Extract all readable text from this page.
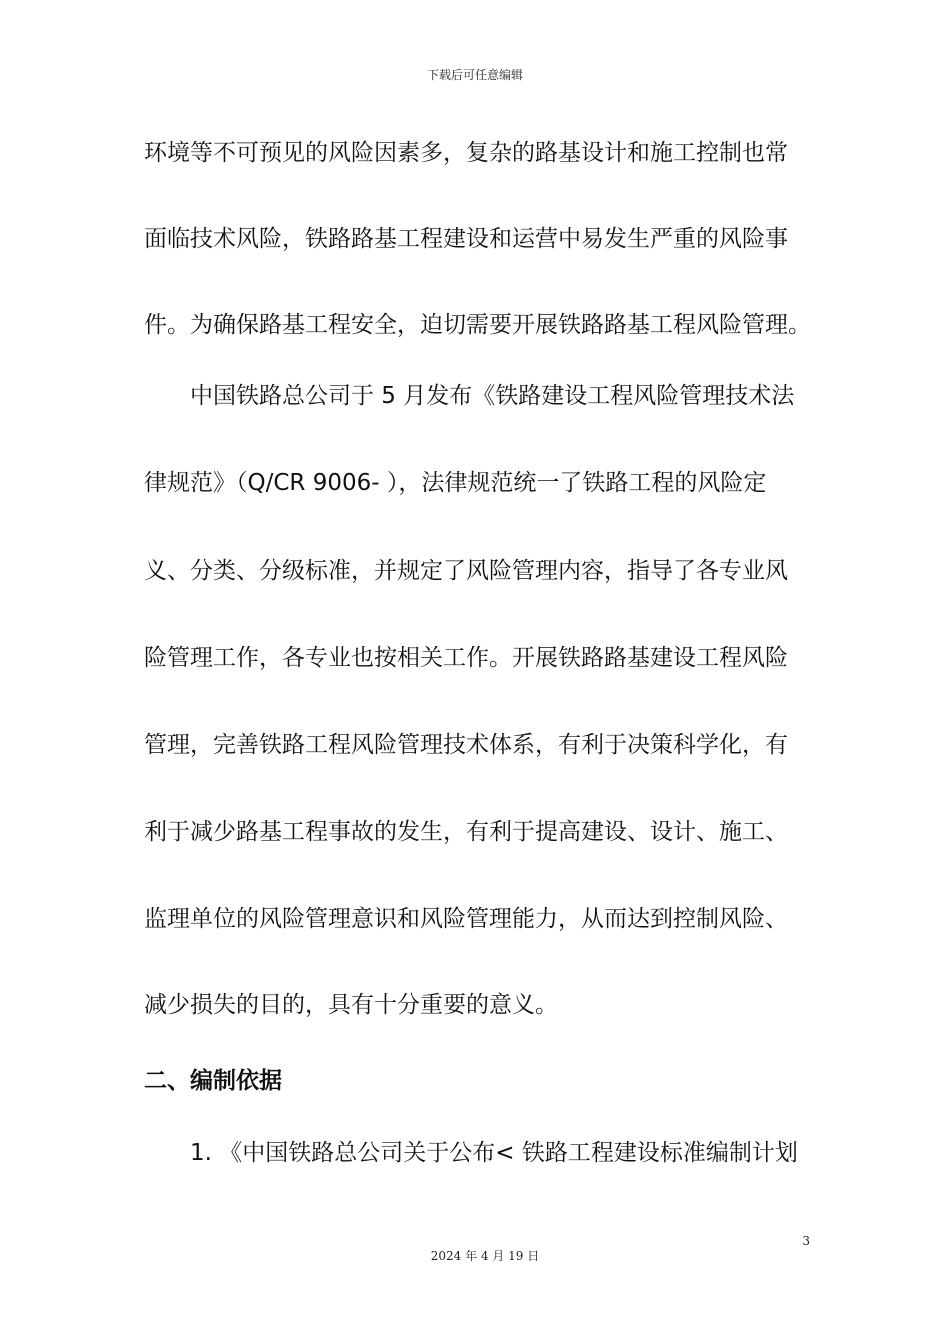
下载后可任意编辑
环境等不可预见的风险因素多，复杂的路基设计和施工控制也常
面临技术风险，铁路路基工程建设和运营中易发生严重的风险事
件。为确保路基工程安全，迫切需要开展铁路路基工程风险管理。
中国铁路总公司于 5 月发布《铁路建设工程风险管理技术法
律规范》（Q/CR 9006- ），法律规范统一了铁路工程的风险定
义、分类、分级标准，并规定了风险管理内容，指导了各专业风
险管理工作，各专业也按相关工作。开展铁路路基建设工程风险
管理，完善铁路工程风险管理技术体系，有利于决策科学化，有
利于减少路基工程事故的发生，有利于提高建设、设计、施工、
监理单位的风险管理意识和风险管理能力，从而达到控制风险、
减少损失的目的，具有十分重要的意义。
二、编制依据
1. 《中国铁路总公司关于公布< 铁路工程建设标准编制计划
3
2024 年 4 月 19 日
